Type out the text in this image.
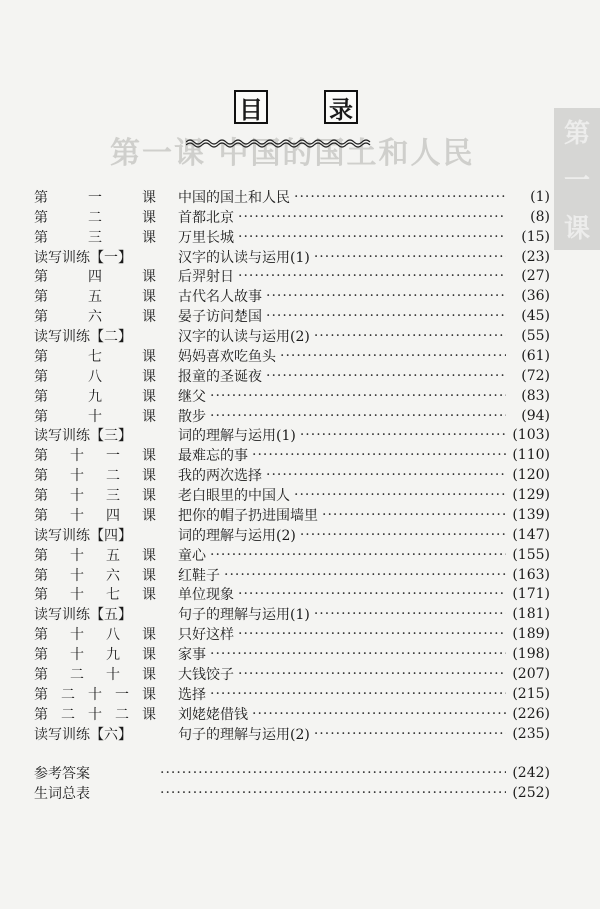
第一课 中国的国土和人民
第
一
课
目	录
第 一 课 中国的国土和人民 ·····	(1)
第 二 课 首都北京 ·····	(8)
第 三 课 万里长城 ·····	(15)
读写训练【一】	汉字的认读与运用(1) ·····	(23)
第 四 课 后羿射日 ·····	(27)
第 五 课 古代名人故事 ·····	(36)
第 六 课 晏子访问楚国 ·····	(45)
读写训练【二】	汉字的认读与运用(2) ·····	(55)
第 七 课 妈妈喜欢吃鱼头 ·····	(61)
第 八 课 报童的圣诞夜 ·····	(72)
第 九 课 继父 ·····	(83)
第 十 课 散步 ·····	(94)
读写训练【三】	词的理解与运用(1) ·····	(103)
第 十 一 课 最难忘的事 ·····	(110)
第 十 二 课 我的两次选择 ·····	(120)
第 十 三 课 老白眼里的中国人 ·····	(129)
第 十 四 课 把你的帽子扔进围墙里 ·····	(139)
读写训练【四】	词的理解与运用(2) ·····	(147)
第 十 五 课 童心 ·····	(155)
第 十 六 课 红鞋子 ·····	(163)
第 十 七 课 单位现象 ·····	(171)
读写训练【五】	句子的理解与运用(1) ·····	(181)
第 十 八 课 只好这样 ·····	(189)
第 十 九 课 家事 ·····	(198)
第 二 十 课 大钱饺子 ·····	(207)
第二十一课 选择 ·····	(215)
第二十二课 刘姥姥借钱 ·····	(226)
读写训练【六】	句子的理解与运用(2) ·····	(235)
参考答案 ·····	(242)
生词总表 ·····	(252)
